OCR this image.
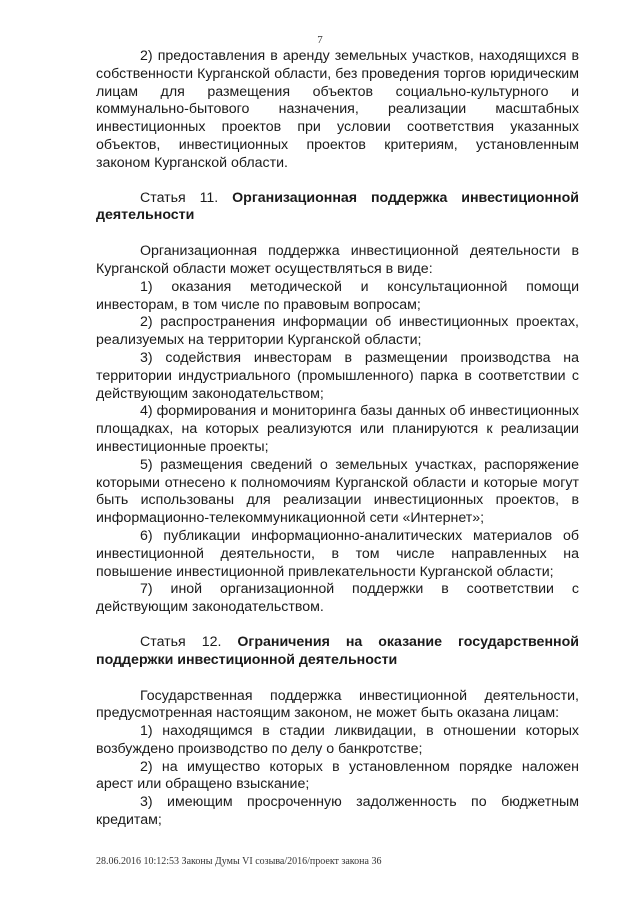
7

2) предоставления в аренду земельных участков, находящихся в собственности Курганской области, без проведения торгов юридическим лицам для размещения объектов социально-культурного и коммунально-бытового назначения, реализации масштабных инвестиционных проектов при условии соответствия указанных объектов, инвестиционных проектов критериям, установленным законом Курганской области.

Статья 11. Организационная поддержка инвестиционной деятельности

Организационная поддержка инвестиционной деятельности в Курганской области может осуществляться в виде:

1) оказания методической и консультационной помощи инвесторам, в том числе по правовым вопросам;

2) распространения информации об инвестиционных проектах, реализуемых на территории Курганской области;

3) содействия инвесторам в размещении производства на территории индустриального (промышленного) парка в соответствии с действующим законодательством;

4) формирования и мониторинга базы данных об инвестиционных площадках, на которых реализуются или планируются к реализации инвестиционные проекты;

5) размещения сведений о земельных участках, распоряжение которыми отнесено к полномочиям Курганской области и которые могут быть использованы для реализации инвестиционных проектов, в информационно-телекоммуникационной сети «Интернет»;

6) публикации информационно-аналитических материалов об инвестиционной деятельности, в том числе направленных на повышение инвестиционной привлекательности Курганской области;

7) иной организационной поддержки в соответствии с действующим законодательством.

Статья 12. Ограничения на оказание государственной поддержки инвестиционной деятельности

Государственная поддержка инвестиционной деятельности, предусмотренная настоящим законом, не может быть оказана лицам:

1) находящимся в стадии ликвидации, в отношении которых возбуждено производство по делу о банкротстве;

2) на имущество которых в установленном порядке наложен арест или обращено взыскание;

3) имеющим просроченную задолженность по бюджетным кредитам;

28.06.2016 10:12:53 Законы Думы VI созыва/2016/проект закона 36
